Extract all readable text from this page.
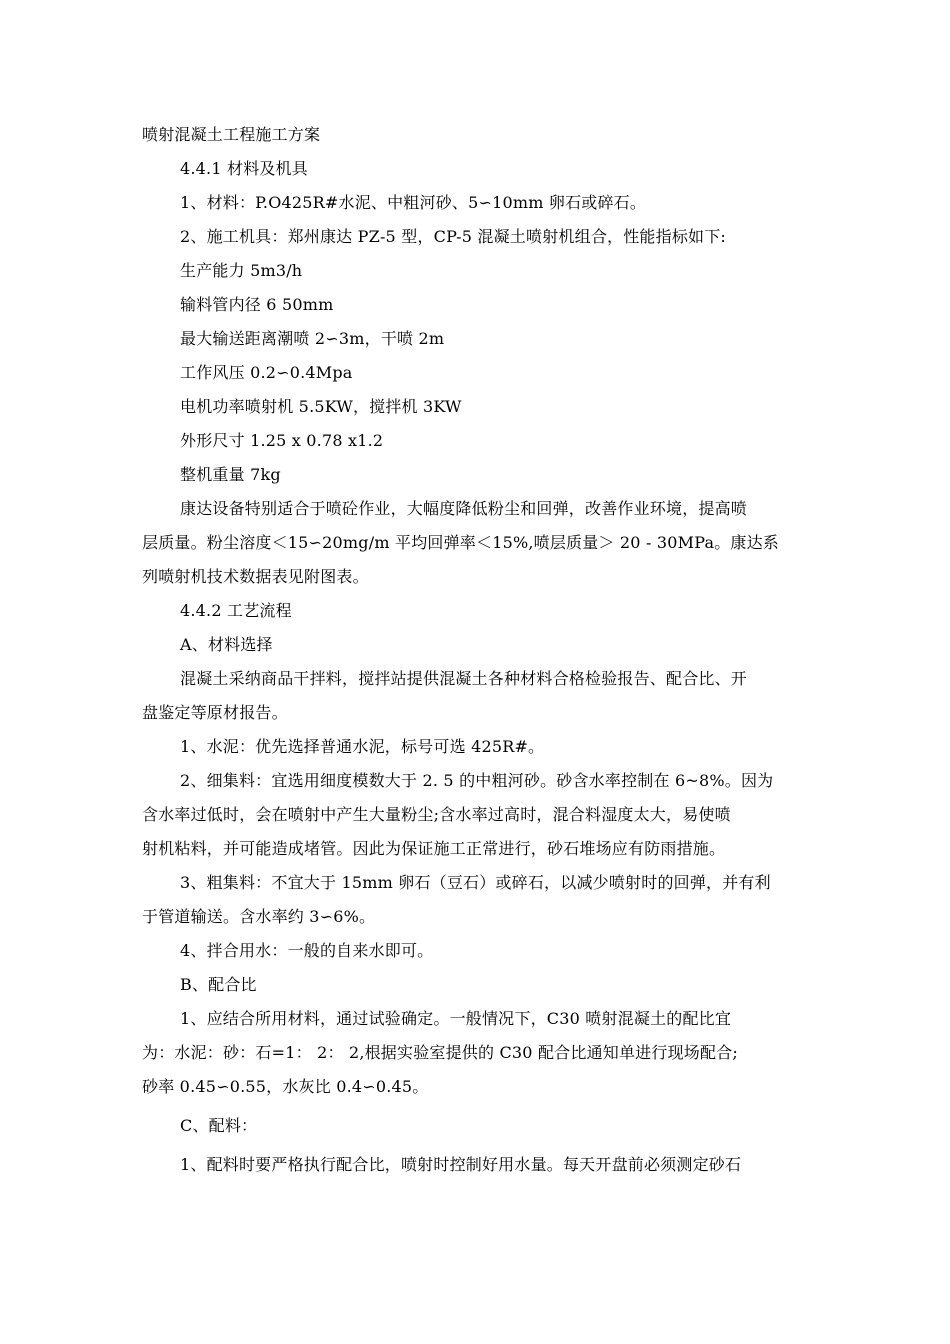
喷射混凝土工程施工方案
4.4.1 材料及机具
1、材料：P.O425R#水泥、中粗河砂、5∽10mm 卵石或碎石。
2、施工机具：郑州康达 PZ-5 型，CP-5 混凝土喷射机组合，性能指标如下:
生产能力 5m3/h
输料管内径 6 50mm
最大输送距离潮喷 2∽3m，干喷 2m
工作风压 0.2∽0.4Mpa
电机功率喷射机 5.5KW，搅拌机 3KW
外形尺寸 1.25 x 0.78 x1.2
整机重量 7kg
康达设备特别适合于喷砼作业，大幅度降低粉尘和回弹，改善作业环境，提高喷
层质量。粉尘溶度＜15∽20mg/m 平均回弹率＜15%,喷层质量＞ 20 - 30MPa。康达系
列喷射机技术数据表见附图表。
4.4.2 工艺流程
A、材料选择
混凝土采纳商品干拌料，搅拌站提供混凝土各种材料合格检验报告、配合比、开
盘鉴定等原材报告。
1、水泥：优先选择普通水泥，标号可选 425R#。
2、细集料：宜选用细度模数大于 2. 5 的中粗河砂。砂含水率控制在 6~8%。因为
含水率过低时，会在喷射中产生大量粉尘;含水率过高时，混合料湿度太大，易使喷
射机粘料，并可能造成堵管。因此为保证施工正常进行，砂石堆场应有防雨措施。
3、粗集料：不宜大于 15mm 卵石（豆石）或碎石，以减少喷射时的回弹，并有利
于管道输送。含水率约 3∽6%。
4、拌合用水：一般的自来水即可。
B、配合比
1、应结合所用材料，通过试验确定。一般情况下，C30 喷射混凝土的配比宜
为：水泥：砂：石=1： 2： 2,根据实验室提供的 C30 配合比通知单进行现场配合;
砂率 0.45∽0.55，水灰比 0.4∽0.45。
C、配料：
1、配料时要严格执行配合比，喷射时控制好用水量。每天开盘前必须测定砂石
